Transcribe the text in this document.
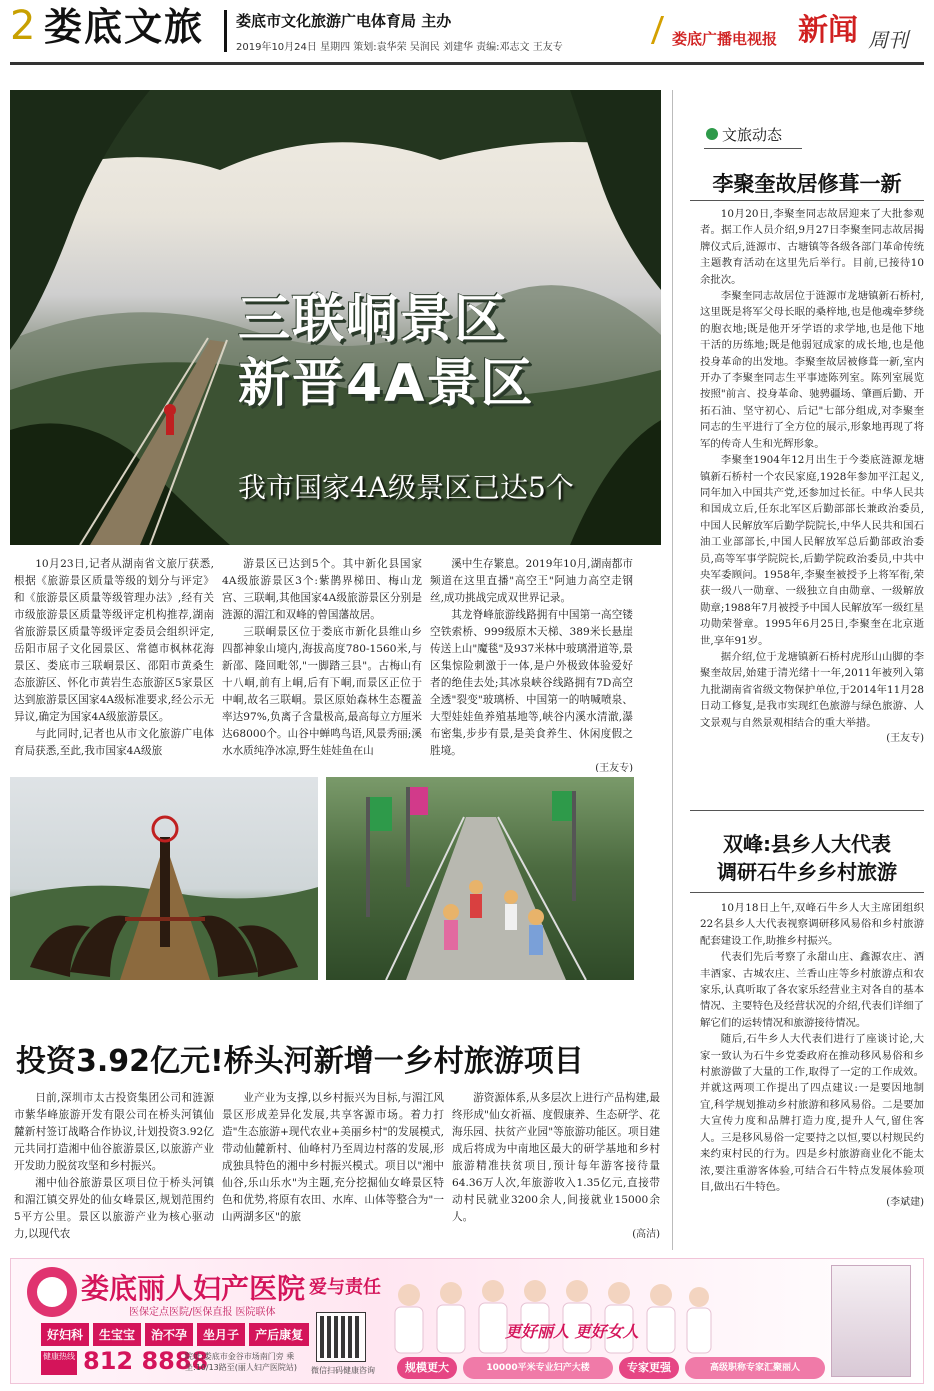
2 娄底文旅 娄底市文化旅游广电体育局 主办
2019年10月24日 星期四 策划:袁华荣 吴润民 刘建华 责编:邓志文 王友专	娄底广播电视报 新闻 周刊
三联峒景区
新晋4A景区
我市国家4A级景区已达5个

10月23日,记者从湖南省文旅厅获悉,根据《旅游景区质量等级的划分与评定》和《旅游景区质量等级管理办法》,经有关市级旅游景区质量等级评定机构推荐,湖南省旅游景区质量等级评定委员会组织评定,岳阳市屈子文化园景区、常德市枫林花海景区、娄底市三联峒景区、邵阳市黄桑生态旅游区、怀化市黄岩生态旅游区5家景区达到旅游景区国家4A级标准要求,经公示无异议,确定为国家4A级旅游景区。

与此同时,记者也从市文化旅游广电体育局获悉,至此,我市国家4A级旅

游景区已达到5个。其中新化县国家4A级旅游景区3个:紫鹊界梯田、梅山龙宫、三联峒,其他国家4A级旅游景区分别是涟源的湄江和双峰的曾国藩故居。

三联峒景区位于娄底市新化县维山乡四都神象山境内,海拔高度780-1560米,与新邵、隆回毗邻,"一脚踏三县"。古梅山有十八峒,前有上峒,后有下峒,而景区正位于中峒,故名三联峒。景区原始森林生态覆盖率达97%,负离子含量极高,最高每立方厘米达68000个。山谷中蝉鸣鸟语,风景秀丽;溪水水质纯净冰凉,野生娃娃鱼在山

溪中生存繁息。2019年10月,湖南都市频道在这里直播"高空王"阿迪力高空走钢丝,成功挑战完成双世界记录。

其龙脊峰旅游线路拥有中国第一高空镂空铁索桥、999级原木天梯、389米长悬崖传送上山"魔毯"及937米林中玻璃滑道等,景区集惊险刺激于一体,是户外极致体验爱好者的绝佳去处;其冰泉峡谷线路拥有7D高空全透"裂变"玻璃桥、中国第一的呐喊喷泉、大型娃娃鱼养殖基地等,峡谷内溪水清澈,瀑布密集,步步有景,是美食养生、休闲度假之胜境。

(王友专)
投资3.92亿元!桥头河新增一乡村旅游项目

日前,深圳市太古投资集团公司和涟源市紫华峰旅游开发有限公司在桥头河镇仙麓新村签订战略合作协议,计划投资3.92亿元共同打造湘中仙谷旅游景区,以旅游产业开发助力脱贫攻坚和乡村振兴。

湘中仙谷旅游景区项目位于桥头河镇和湄江镇交界处的仙女峰景区,规划范围约5平方公里。景区以旅游产业为核心驱动力,以现代农

业产业为支撑,以乡村振兴为目标,与湄江风景区形成差异化发展,共享客源市场。着力打造"生态旅游+现代农业+美丽乡村"的发展模式,带动仙麓新村、仙峰村乃至周边村落的发展,形成独具特色的湘中乡村振兴模式。项目以"湘中仙谷,乐山乐水"为主题,充分挖掘仙女峰景区特色和优势,将原有农田、水库、山体等整合为"一山两湖多区"的旅

游资源体系,从多层次上进行产品构建,最终形成"仙女祈福、度假康养、生态研学、花海乐园、扶贫产业园"等旅游功能区。项目建成后将成为中南地区最大的研学基地和乡村旅游精准扶贫项目,预计每年游客接待量64.36万人次,年旅游收入1.35亿元,直接带动村民就业3200余人,间接就业15000余人。

(高洁)
文旅动态
李聚奎故居修葺一新

10月20日,李聚奎同志故居迎来了大批参观者。据工作人员介绍,9月27日李聚奎同志故居揭牌仪式后,涟源市、古塘镇等各级各部门革命传统主题教育活动在这里先后举行。目前,已接待10余批次。

李聚奎同志故居位于涟源市龙塘镇新石桥村,这里既是将军父母长眠的桑梓地,也是他魂牵梦绕的胞衣地;既是他开牙学语的求学地,也是他下地干活的历练地;既是他弱冠成家的成长地,也是他投身革命的出发地。李聚奎故居被修葺一新,室内开办了李聚奎同志生平事迹陈列室。陈列室展览按照"前言、投身革命、驰骋疆场、肇画后勤、开拓石油、坚守初心、后记"七部分组成,对李聚奎同志的生平进行了全方位的展示,形象地再现了将军的传奇人生和光辉形象。

李聚奎1904年12月出生于今娄底涟源龙塘镇新石桥村一个农民家庭,1928年参加平江起义,同年加入中国共产党,还参加过长征。中华人民共和国成立后,任东北军区后勤部部长兼政治委员,中国人民解放军后勤学院院长,中华人民共和国石油工业部部长,中国人民解放军总后勤部政治委员,高等军事学院院长,后勤学院政治委员,中共中央军委顾问。1958年,李聚奎被授予上将军衔,荣获一级八一勋章、一级独立自由勋章、一级解放勋章;1988年7月被授予中国人民解放军一级红星功勋荣誉章。1995年6月25日,李聚奎在北京逝世,享年91岁。

据介绍,位于龙塘镇新石桥村虎形山山脚的李聚奎故居,始建于清光绪十一年,2011年被列入第九批湖南省省级文物保护单位,于2014年11月28日动工修复,是我市实现红色旅游与绿色旅游、人文景观与自然景观相结合的重大举措。

(王友专)
双峰:县乡人大代表
调研石牛乡乡村旅游

10月18日上午,双峰石牛乡人大主席团组织22名县乡人大代表视察调研移风易俗和乡村旅游配套建设工作,助推乡村振兴。

代表们先后考察了永甜山庄、鑫源农庄、酒丰酒家、古城农庄、兰香山庄等乡村旅游点和农家乐,认真听取了各农家乐经营业主对各自的基本情况、主要特色及经营状况的介绍,代表们详细了解它们的运转情况和旅游接待情况。

随后,石牛乡人大代表们进行了座谈讨论,大家一致认为石牛乡党委政府在推动移风易俗和乡村旅游做了大量的工作,取得了一定的工作成效。并就这两项工作提出了四点建议:一是要因地制宜,科学规划推动乡村旅游和移风易俗。二是要加大宣传力度和品牌打造力度,提升人气,留住客人。三是移风易俗一定要持之以恒,要以村规民约来约束村民的行为。四是乡村旅游商业化不能太浓,要注重游客体验,可结合石牛特点发展体验项目,做出石牛特色。

(李斌建)
娄底丽人妇产医院 爱与责任
医保定点医院/医保直报 医院联体
好妇科	生宝宝	治不孕	坐月子	产后康复
健康热线 812 8888
院址:娄底市金谷市场南门旁 乘坐:10/13路至(丽人妇产医院站)	微信扫码健康咨询
更好丽人 更好女人
规模更大	10000平米专业妇产大楼	专家更强	高级职称专家汇聚丽人
